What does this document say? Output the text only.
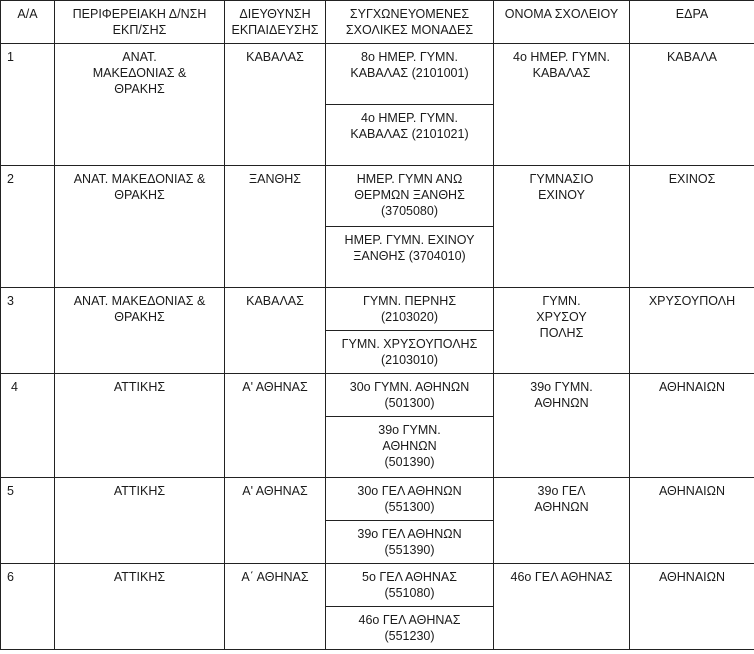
Α/Α	ΠΕΡΙΦΕΡΕΙΑΚΗ Δ/ΝΣΗ ΕΚΠ/ΣΗΣ	ΔΙΕΥΘΥΝΣΗ ΕΚΠΑΙΔΕΥΣΗΣ	ΣΥΓΧΩΝΕΥΟΜΕΝΕΣ ΣΧΟΛΙΚΕΣ ΜΟΝΑΔΕΣ	ΟΝΟΜΑ ΣΧΟΛΕΙΟΥ	ΕΔΡΑ
1	ΑΝΑΤ. ΜΑΚΕΔΟΝΙΑΣ & ΘΡΑΚΗΣ	ΚΑΒΑΛΑΣ	8ο ΗΜΕΡ. ΓΥΜΝ. ΚΑΒΑΛΑΣ (2101001)	4ο ΗΜΕΡ. ΓΥΜΝ. ΚΑΒΑΛΑΣ	ΚΑΒΑΛΑ
			4ο ΗΜΕΡ. ΓΥΜΝ. ΚΑΒΑΛΑΣ (2101021)		
2	ΑΝΑΤ. ΜΑΚΕΔΟΝΙΑΣ & ΘΡΑΚΗΣ	ΞΑΝΘΗΣ	ΗΜΕΡ. ΓΥΜΝ ΑΝΩ ΘΕΡΜΩΝ ΞΑΝΘΗΣ (3705080)	ΓΥΜΝΑΣΙΟ ΕΧΙΝΟΥ	ΕΧΙΝΟΣ
			ΗΜΕΡ. ΓΥΜΝ. ΕΧΙΝΟΥ ΞΑΝΘΗΣ (3704010)		
3	ΑΝΑΤ. ΜΑΚΕΔΟΝΙΑΣ & ΘΡΑΚΗΣ	ΚΑΒΑΛΑΣ	ΓΥΜΝ. ΠΕΡΝΗΣ (2103020)	ΓΥΜΝ. ΧΡΥΣΟΥ ΠΟΛΗΣ	ΧΡΥΣΟΥΠΟΛΗ
			ΓΥΜΝ. ΧΡΥΣΟΥΠΟΛΗΣ (2103010)		
4	ΑΤΤΙΚΗΣ	Α' ΑΘΗΝΑΣ	30ο ΓΥΜΝ. ΑΘΗΝΩΝ (501300)	39ο ΓΥΜΝ. ΑΘΗΝΩΝ	ΑΘΗΝΑΙΩΝ
			39ο ΓΥΜΝ. ΑΘΗΝΩΝ (501390)		
5	ΑΤΤΙΚΗΣ	Α' ΑΘΗΝΑΣ	30ο ΓΕΛ ΑΘΗΝΩΝ (551300)	39ο ΓΕΛ ΑΘΗΝΩΝ	ΑΘΗΝΑΙΩΝ
			39ο ΓΕΛ ΑΘΗΝΩΝ (551390)		
6	ΑΤΤΙΚΗΣ	Α΄ ΑΘΗΝΑΣ	5ο ΓΕΛ ΑΘΗΝΑΣ (551080)	46ο ΓΕΛ ΑΘΗΝΑΣ	ΑΘΗΝΑΙΩΝ
			46ο ΓΕΛ ΑΘΗΝΑΣ (551230)		
